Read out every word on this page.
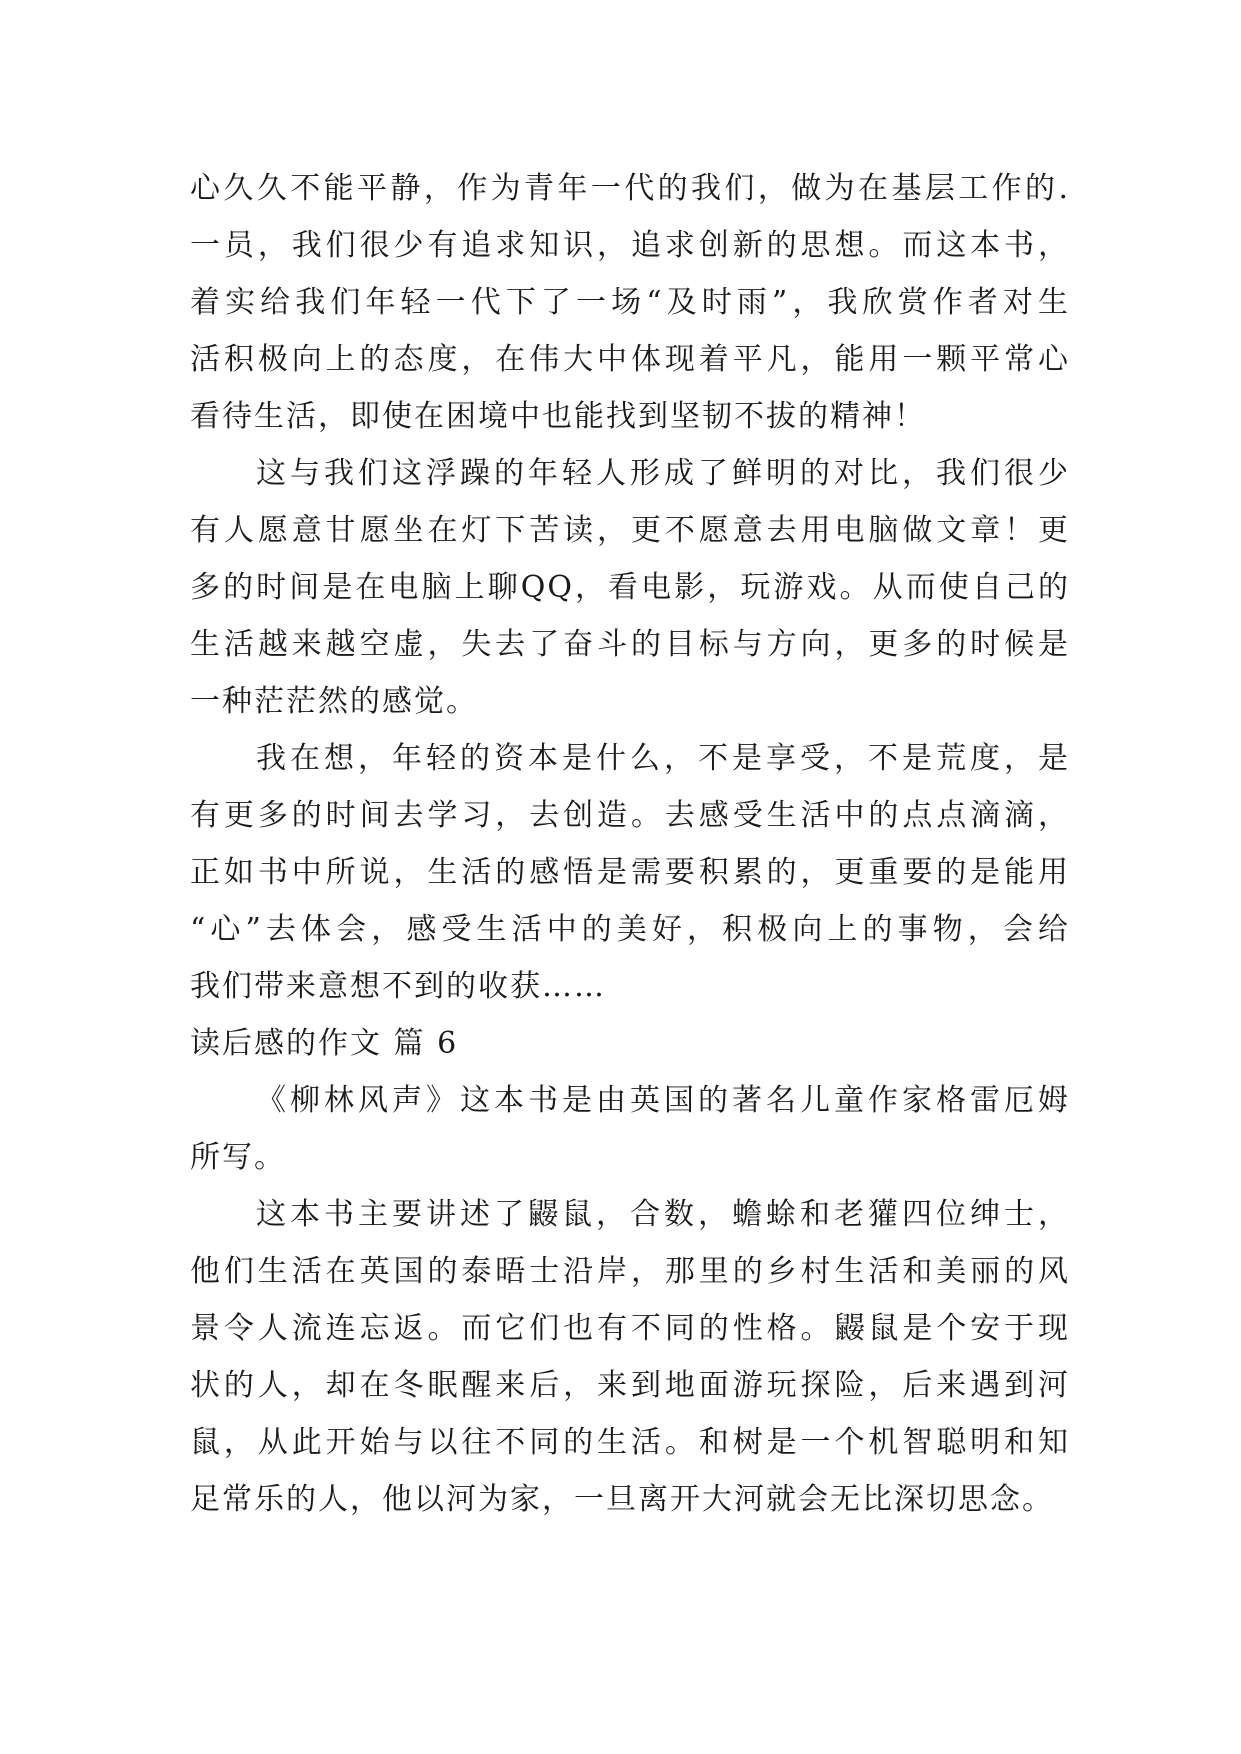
心久久不能平静，作为青年一代的我们，做为在基层工作的.
一员，我们很少有追求知识，追求创新的思想。而这本书，
着实给我们年轻一代下了一场“及时雨”，我欣赏作者对生
活积极向上的态度，在伟大中体现着平凡，能用一颗平常心
看待生活，即使在困境中也能找到坚韧不拔的精神！
这与我们这浮躁的年轻人形成了鲜明的对比，我们很少
有人愿意甘愿坐在灯下苦读，更不愿意去用电脑做文章！更
多的时间是在电脑上聊QQ，看电影，玩游戏。从而使自己的
生活越来越空虚，失去了奋斗的目标与方向，更多的时候是
一种茫茫然的感觉。
我在想，年轻的资本是什么，不是享受，不是荒度，是
有更多的时间去学习，去创造。去感受生活中的点点滴滴，
正如书中所说，生活的感悟是需要积累的，更重要的是能用
“心”去体会，感受生活中的美好，积极向上的事物，会给
我们带来意想不到的收获……
读后感的作文 篇 6
《柳林风声》这本书是由英国的著名儿童作家格雷厄姆
所写。
这本书主要讲述了鼹鼠，合数，蟾蜍和老獾四位绅士，
他们生活在英国的泰晤士沿岸，那里的乡村生活和美丽的风
景令人流连忘返。而它们也有不同的性格。鼹鼠是个安于现
状的人，却在冬眠醒来后，来到地面游玩探险，后来遇到河
鼠，从此开始与以往不同的生活。和树是一个机智聪明和知
足常乐的人，他以河为家，一旦离开大河就会无比深切思念。
